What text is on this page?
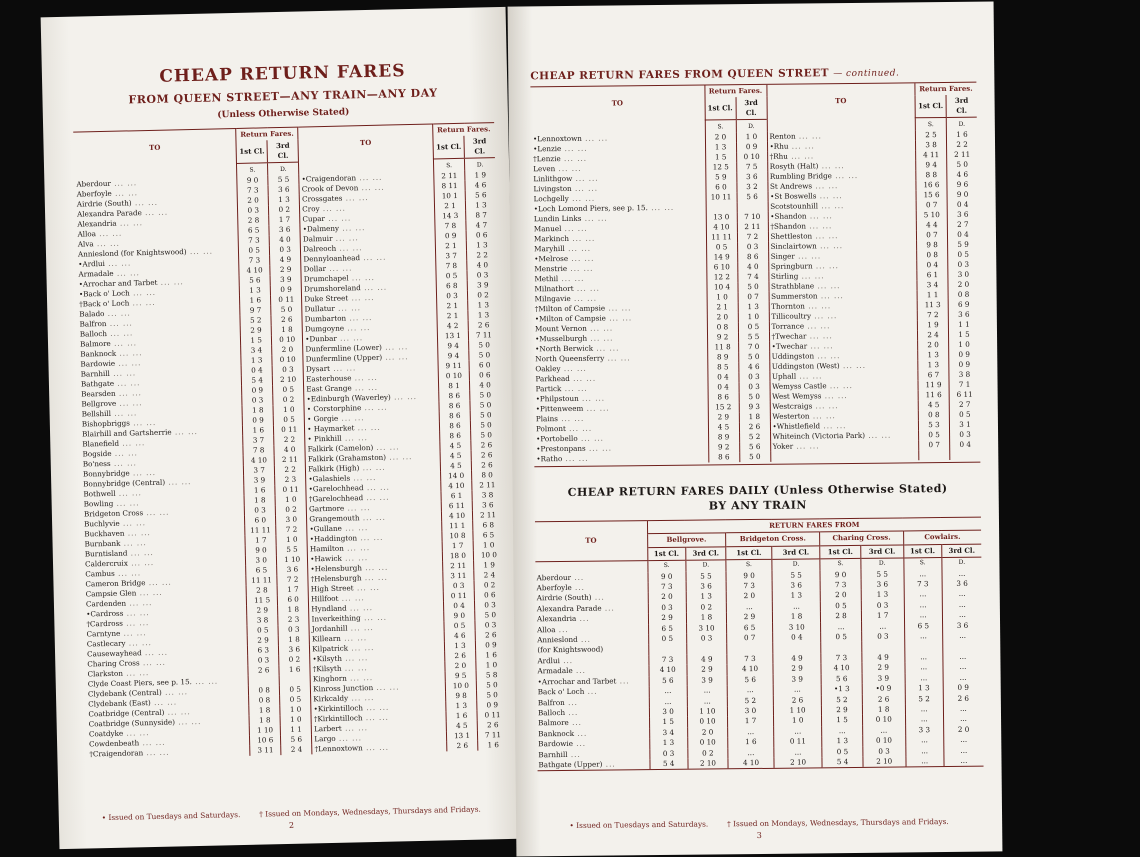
CHEAP RETURN FARES
FROM QUEEN STREET—ANY TRAIN—ANY DAY
(Unless Otherwise Stated)
TO	Return Fares.		TO	Return Fares.	
	1st Cl.	3rd Cl.		1st Cl.	3rd Cl.
	S.	D.		S.	D.
Aberdour ... ...	9 0	5 5	•Craigendoran ... ...	2 11	1 9
Aberfoyle ... ...	7 3	3 6	Crook of Devon ... ...	8 11	4 6
Airdrie (South) ... ...	2 0	1 3	Crossgates ... ...	10 1	5 6
Alexandra Parade ... ...	0 3	0 2	Croy ... ...	2 1	1 3
Alexandria ... ...	2 8	1 7	Cupar ... ...	14 3	8 7
Alloa ... ...	6 5	3 6	•Dalmeny ... ...	7 8	4 7
Alva ... ...	7 3	4 0	Dalmuir ... ...	0 9	0 6
Annieslond (for Knightswood) ... ...	0 5	0 3	Dalreoch ... ...	2 1	1 3
•Ardlui ... ...	7 3	4 9	Dennyloanhead ... ...	3 7	2 2
Armadale ... ...	4 10	2 9	Dollar ... ...	7 8	4 0
•Arrochar and Tarbet ... ...	5 6	3 9	Drumchapel ... ...	0 5	0 3
•Back o' Loch ... ...	1 3	0 9	Drumshoreland ... ...	6 8	3 9
†Back o' Loch ... ...	1 6	0 11	Duke Street ... ...	0 3	0 2
Balado ... ...	9 7	5 0	Dullatur ... ...	2 1	1 3
Balfron ... ...	5 2	2 6	Dumbarton ... ...	2 1	1 3
Balloch ... ...	2 9	1 8	Dumgoyne ... ...	4 2	2 6
Balmore ... ...	1 5	0 10	•Dunbar ... ...	13 1	7 11
Banknock ... ...	3 4	2 0	Dunfermline (Lower) ... ...	9 4	5 0
Bardowie ... ...	1 3	0 10	Dunfermline (Upper) ... ...	9 4	5 0
Barnhill ... ...	0 4	0 3	Dysart ... ...	9 11	6 0
Bathgate ... ...	5 4	2 10	Easterhouse ... ...	0 10	0 6
Bearsden ... ...	0 9	0 5	East Grange ... ...	8 1	4 0
Bellgrove ... ...	0 3	0 2	•Edinburgh (Waverley) ... ...	8 6	5 0
Bellshill ... ...	1 8	1 0	• Corstorphine ... ...	8 6	5 0
Bishopbriggs ... ...	0 9	0 5	• Gorgie ... ...	8 6	5 0
Blairhill and Gartsherrie ... ...	1 6	0 11	• Haymarket ... ...	8 6	5 0
Blanefield ... ...	3 7	2 2	• Pinkhill ... ...	8 6	5 0
Bogside ... ...	7 8	4 0	Falkirk (Camelon) ... ...	4 5	2 6
Bo'ness ... ...	4 10	2 11	Falkirk (Grahamston) ... ...	4 5	2 6
Bonnybridge ... ...	3 7	2 2	Falkirk (High) ... ...	4 5	2 6
Bonnybridge (Central) ... ...	3 9	2 3	•Galashiels ... ...	14 0	8 0
Bothwell ... ...	1 6	0 11	•Garelochhead ... ...	4 10	2 11
Bowling ... ...	1 8	1 0	†Garelochhead ... ...	6 1	3 8
Bridgeton Cross ... ...	0 3	0 2	Gartmore ... ...	6 11	3 6
Buchlyvie ... ...	6 0	3 0	Grangemouth ... ...	4 10	2 11
Buckhaven ... ...	11 11	7 2	•Gullane ... ...	11 1	6 8
Burnbank ... ...	1 7	1 0	•Haddington ... ...	10 8	6 5
Burntisland ... ...	9 0	5 5	Hamilton ... ...	1 7	1 0
Caldercruix ... ...	3 0	1 10	•Hawick ... ...	18 0	10 0
Cambus ... ...	6 5	3 6	•Helensburgh ... ...	2 11	1 9
Cameron Bridge ... ...	11 11	7 2	†Helensburgh ... ...	3 11	2 4
Campsie Glen ... ...	2 8	1 7	High Street ... ...	0 3	0 2
Cardenden ... ...	11 5	6 0	Hillfoot ... ...	0 11	0 6
•Cardross ... ...	2 9	1 8	Hyndland ... ...	0 4	0 3
†Cardross ... ...	3 8	2 3	Inverkeithing ... ...	9 0	5 0
Carntyne ... ...	0 5	0 3	Jordanhill ... ...	0 5	0 3
Castlecary ... ...	2 9	1 8	Killearn ... ...	4 6	2 6
Causewayhead ... ...	6 3	3 6	Kilpatrick ... ...	1 3	0 9
Charing Cross ... ...	0 3	0 2	•Kilsyth ... ...	2 6	1 6
Clarkston ... ...	2 6	1 6	†Kilsyth ... ...	2 0	1 0
Clyde Coast Piers, see p. 15. ... ...			Kinghorn ... ...	9 5	5 8
Clydebank (Central) ... ...	0 8	0 5	Kinross Junction ... ...	10 0	5 0
Clydebank (East) ... ...	0 8	0 5	Kirkcaldy ... ...	9 8	5 0
Coatbridge (Central) ... ...	1 8	1 0	•Kirkintilloch ... ...	1 3	0 9
Coatbridge (Sunnyside) ... ...	1 8	1 0	†Kirkintilloch ... ...	1 6	0 11
Coatdyke ... ...	1 10	1 1	Larbert ... ...	4 5	2 6
Cowdenbeath ... ...	10 6	5 6	Largo ... ...	13 1	7 11
†Craigendoran ... ...	3 11	2 4	†Lennoxtown ... ...	2 6	1 6
• Issued on Tuesdays and Saturdays.	† Issued on Mondays, Wednesdays, Thursdays and Fridays.
2
CHEAP RETURN FARES FROM QUEEN STREET — continued.
TO	Return Fares.		TO	Return Fares.	
	1st Cl.	3rd Cl.		1st Cl.	3rd Cl.
	S.	D.		S.	D.
•Lennoxtown ... ...	2 0	1 0	Renton ... ...	2 5	1 6
•Lenzie ... ...	1 3	0 9	•Rhu ... ...	3 8	2 2
†Lenzie ... ...	1 5	0 10	†Rhu ... ...	4 11	2 11
Leven ... ...	12 5	7 5	Rosyth (Halt) ... ...	9 4	5 0
Linlithgow ... ...	5 9	3 6	Rumbling Bridge ... ...	8 8	4 6
Livingston ... ...	6 0	3 2	St Andrews ... ...	16 6	9 6
Lochgelly ... ...	10 11	5 6	•St Boswells ... ...	15 6	9 0
•Loch Lomond Piers, see p. 15. ... ...			Scotstounhill ... ...	0 7	0 4
Lundin Links ... ...	13 0	7 10	•Shandon ... ...	5 10	3 6
Manuel ... ...	4 10	2 11	†Shandon ... ...	4 4	2 7
Markinch ... ...	11 11	7 2	Shettleston ... ...	0 7	0 4
Maryhill ... ...	0 5	0 3	Sinclairtown ... ...	9 8	5 9
•Melrose ... ...	14 9	8 6	Singer ... ...	0 8	0 5
Menstrie ... ...	6 10	4 0	Springburn ... ...	0 4	0 3
Methil ... ...	12 2	7 4	Stirling ... ...	6 1	3 0
Milnathort ... ...	10 4	5 0	Strathblane ... ...	3 4	2 0
Milngavie ... ...	1 0	0 7	Summerston ... ...	1 1	0 8
†Milton of Campsie ... ...	2 1	1 3	Thornton ... ...	11 3	6 9
•Milton of Campsie ... ...	2 0	1 0	Tillicoultry ... ...	7 2	3 6
Mount Vernon ... ...	0 8	0 5	Torrance ... ...	1 9	1 1
•Musselburgh ... ...	9 2	5 5	†Twechar ... ...	2 4	1 5
•North Berwick ... ...	11 8	7 0	•Twechar ... ...	2 0	1 0
North Queensferry ... ...	8 9	5 0	Uddingston ... ...	1 3	0 9
Oakley ... ...	8 5	4 6	Uddingston (West) ... ...	1 3	0 9
Parkhead ... ...	0 4	0 3	Uphall ... ...	6 7	3 8
Partick ... ...	0 4	0 3	Wemyss Castle ... ...	11 9	7 1
•Philpstoun ... ...	8 6	5 0	West Wemyss ... ...	11 6	6 11
•Pittenweem ... ...	15 2	9 3	Westcraigs ... ...	4 5	2 7
Plains ... ...	2 9	1 8	Westerton ... ...	0 8	0 5
Polmont ... ...	4 5	2 6	•Whistlefield ... ...	5 3	3 1
•Portobello ... ...	8 9	5 2	Whiteinch (Victoria Park) ... ...	0 5	0 3
•Prestonpans ... ...	9 2	5 6	Yoker ... ...	0 7	0 4
•Ratho ... ...	8 6	5 0			
CHEAP RETURN FARES DAILY (Unless Otherwise Stated)
BY ANY TRAIN
TO	RETURN FARES FROM							
	Bellgrove.		Bridgeton Cross.		Charing Cross.		Cowlairs.	
	1st Cl.	3rd Cl.	1st Cl.	3rd Cl.	1st Cl.	3rd Cl.	1st Cl.	3rd Cl.
	S.	D.	S.	D.	S.	D.	S.	D.
Aberdour ...	9 0	5 5	9 0	5 5	9 0	5 5	...	...
Aberfoyle ...	7 3	3 6	7 3	3 6	7 3	3 6	7 3	3 6
Airdrie (South) ...	2 0	1 3	2 0	1 3	2 0	1 3	...	...
Alexandra Parade ...	0 3	0 2	...	...	0 5	0 3	...	...
Alexandria ...	2 9	1 8	2 9	1 8	2 8	1 7	...	...
Alloa ...	6 5	3 10	6 5	3 10	...	...	6 5	3 6
Annieslond ...	0 5	0 3	0 7	0 4	0 5	0 3	...	...
(for Knightswood)								
Ardlui ...	7 3	4 9	7 3	4 9	7 3	4 9	...	...
Armadale ...	4 10	2 9	4 10	2 9	4 10	2 9	...	...
•Arrochar and Tarbet ...	5 6	3 9	5 6	3 9	5 6	3 9	...	...
Back o' Loch ...	...	...	...	...	•1 3	•0 9	1 3	0 9
Balfron ...	...	...	5 2	2 6	5 2	2 6	5 2	2 6
Balloch ...	3 0	1 10	3 0	1 10	2 9	1 8	...	...
Balmore ...	1 5	0 10	1 7	1 0	1 5	0 10	...	...
Banknock ...	3 4	2 0	...	...	...	...	3 3	2 0
Bardowie ...	1 3	0 10	1 6	0 11	1 3	0 10	...	...
Barnhill ...	0 3	0 2	...	...	0 5	0 3	...	...
Bathgate (Upper) ...	5 4	2 10	4 10	2 10	5 4	2 10	...	...
• Issued on Tuesdays and Saturdays.	† Issued on Mondays, Wednesdays, Thursdays and Fridays.
3
